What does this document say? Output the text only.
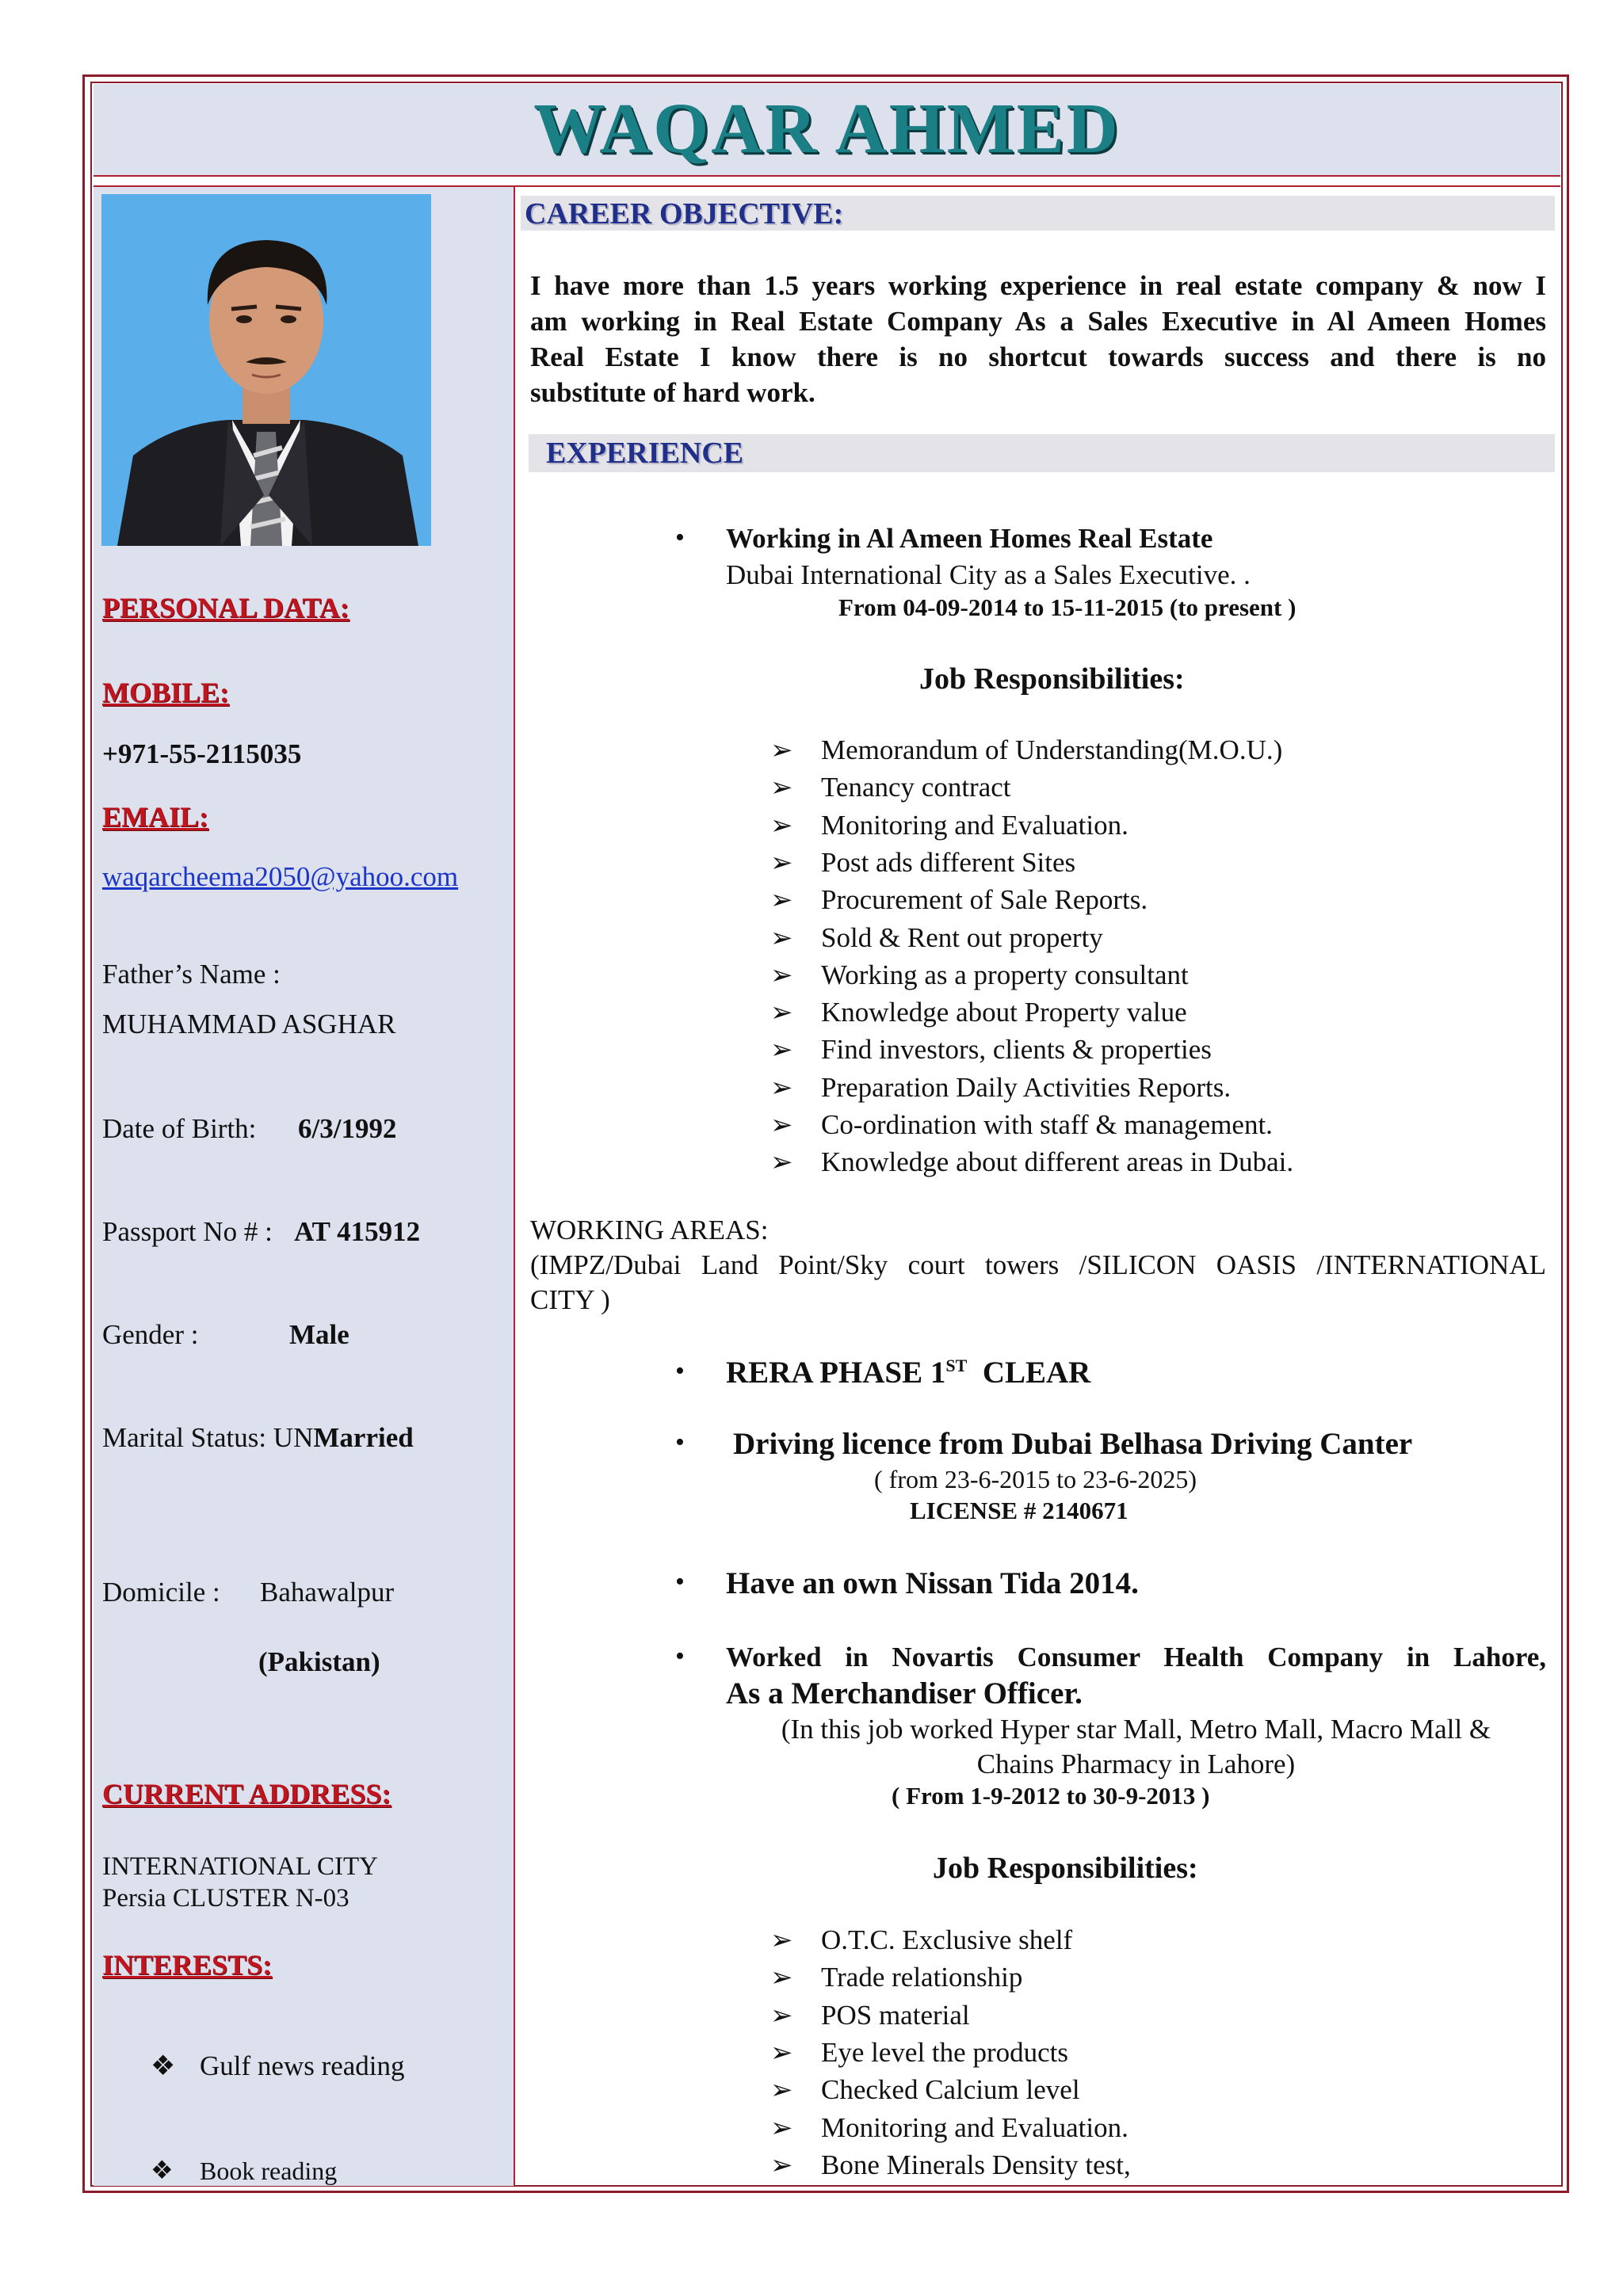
WAQAR AHMED
PERSONAL DATA:
MOBILE:
+971-55-2115035
EMAIL:
waqarcheema2050@yahoo.com
Father’s Name :
MUHAMMAD ASGHAR
Date of Birth: 6/3/1992
Passport No # : AT 415912
Gender :	Male
Marital Status: UNMarried
Domicile : Bahawalpur
(Pakistan)
CURRENT ADDRESS:
INTERNATIONAL CITY
Persia CLUSTER N-03
INTERESTS:
❖ Gulf news reading
❖ Book reading
CAREER OBJECTIVE:
I have more than 1.5 years working experience in real estate company & now I
am working in Real Estate Company As a Sales Executive in Al Ameen Homes
Real Estate I know there is no shortcut towards success and there is no
substitute of hard work.
EXPERIENCE
• Working in Al Ameen Homes Real Estate
Dubai International City as a Sales Executive. .
From 04-09-2014 to 15-11-2015 (to present )
Job Responsibilities:
➢ Memorandum of Understanding(M.O.U.)
➢ Tenancy contract
➢ Monitoring and Evaluation.
➢ Post ads different Sites
➢ Procurement of Sale Reports.
➢ Sold & Rent out property
➢ Working as a property consultant
➢ Knowledge about Property value
➢ Find investors, clients & properties
➢ Preparation Daily Activities Reports.
➢ Co-ordination with staff & management.
➢ Knowledge about different areas in Dubai.
WORKING AREAS:
(IMPZ/Dubai Land Point/Sky court towers /SILICON OASIS /INTERNATIONAL
CITY )
• RERA PHASE 1ST CLEAR
• Driving licence from Dubai Belhasa Driving Canter
( from 23-6-2015 to 23-6-2025)
LICENSE # 2140671
• Have an own Nissan Tida 2014.
• Worked in Novartis Consumer Health Company in Lahore,
As a Merchandiser Officer.
(In this job worked Hyper star Mall, Metro Mall, Macro Mall &
Chains Pharmacy in Lahore)
( From 1-9-2012 to 30-9-2013 )
Job Responsibilities:
➢ O.T.C. Exclusive shelf
➢ Trade relationship
➢ POS material
➢ Eye level the products
➢ Checked Calcium level
➢ Monitoring and Evaluation.
➢ Bone Minerals Density test,
